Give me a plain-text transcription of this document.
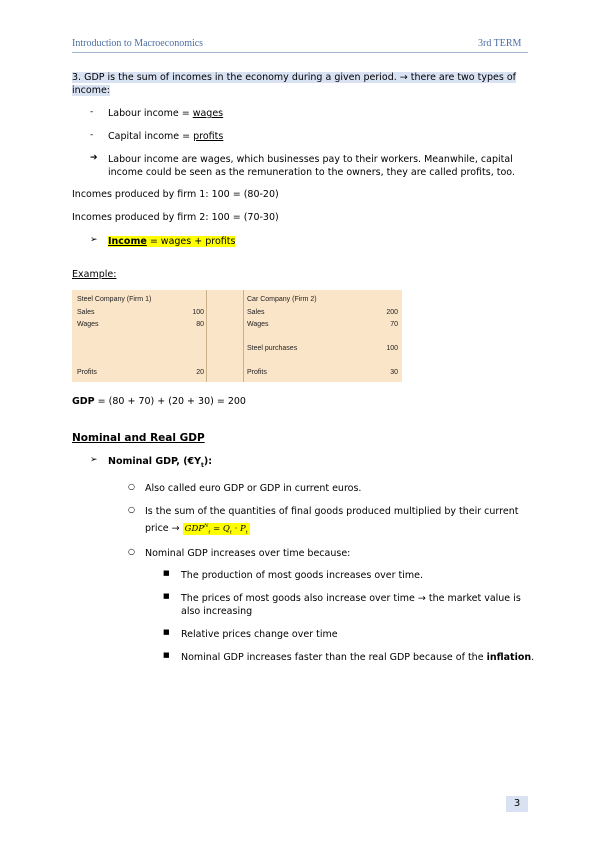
Introduction to Macroeconomics	3rd TERM
3. GDP is the sum of incomes in the economy during a given period. → there are two types of
income:
- Labour income = wages
- Capital income = profits
➔ Labour income are wages, which businesses pay to their workers. Meanwhile, capital
income could be seen as the remuneration to the owners, they are called profits, too.
Incomes produced by firm 1: 100 = (80-20)
Incomes produced by firm 2: 100 = (70-30)
➢ Income = wages + profits
Example:
Steel Company (Firm 1)
Sales	100
Wages	80
Profits	20
Car Company (Firm 2)
Sales	200
Wages	70
Steel purchases	100
Profits	30
GDP = (80 + 70) + (20 + 30) = 200
Nominal and Real GDP
➢ Nominal GDP, $(€Y_t)$:
○ Also called euro GDP or GDP in current euros.
○ Is the sum of the quantities of final goods produced multiplied by their current
price → $GDP^N_t = Q_t \cdot P_t$
○ Nominal GDP increases over time because:
■ The production of most goods increases over time.
■ The prices of most goods also increase over time → the market value is
also increasing
■ Relative prices change over time
■ Nominal GDP increases faster than the real GDP because of the inflation.
3
